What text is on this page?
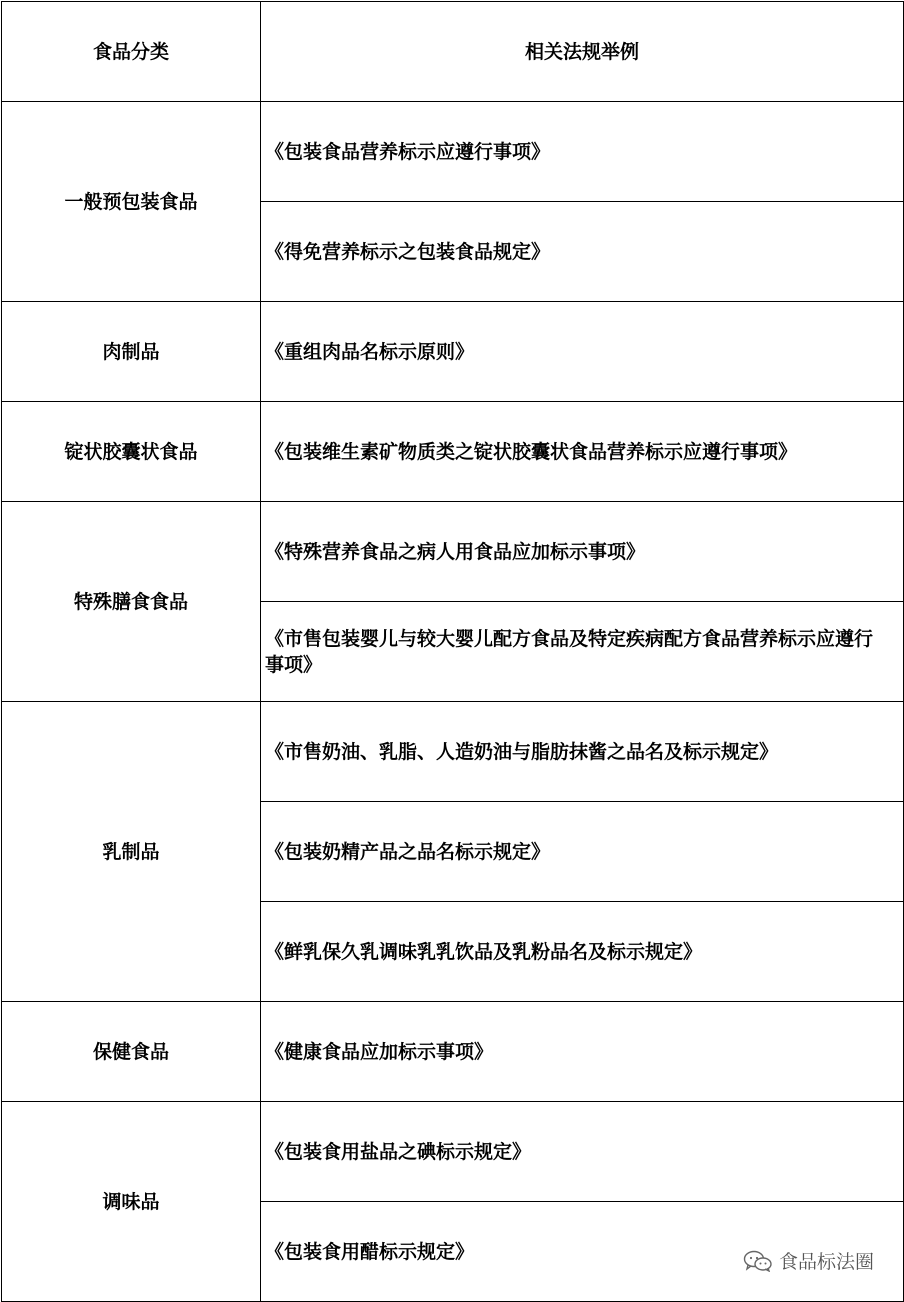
食品分类	相关法规举例
一般预包装食品	《包装食品营养标示应遵行事项》
	《得免营养标示之包装食品规定》
肉制品	《重组肉品名标示原则》
锭状胶囊状食品	《包装维生素矿物质类之锭状胶囊状食品营养标示应遵行事项》
特殊膳食食品	《特殊营养食品之病人用食品应加标示事项》
	《市售包装婴儿与较大婴儿配方食品及特定疾病配方食品营养标示应遵行事项》
乳制品	《市售奶油、乳脂、人造奶油与脂肪抹酱之品名及标示规定》
	《包装奶精产品之品名标示规定》
	《鲜乳保久乳调味乳乳饮品及乳粉品名及标示规定》
保健食品	《健康食品应加标示事项》
调味品	《包装食用盐品之碘标示规定》
	《包装食用醋标示规定》	食品标法圈
